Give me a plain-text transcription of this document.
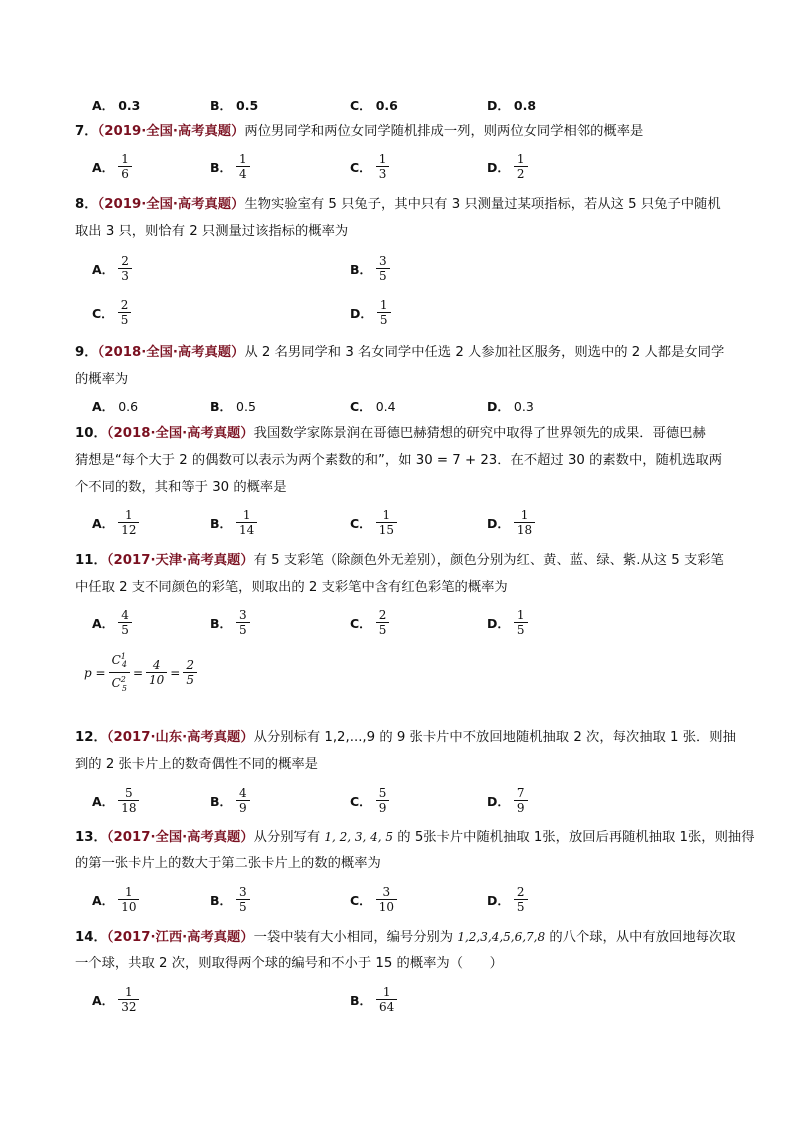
A． 0.3	B． 0.5	C． 0.6	D． 0.8
7．（2019·全国·高考真题）两位男同学和两位女同学随机排成一列，则两位女同学相邻的概率是
A． $\frac{1}{6}$	B． $\frac{1}{4}$	C． $\frac{1}{3}$	D． $\frac{1}{2}$
8．（2019·全国·高考真题）生物实验室有 5 只兔子，其中只有 3 只测量过某项指标，若从这 5 只兔子中随机
取出 3 只，则恰有 2 只测量过该指标的概率为
A． $\frac{2}{3}$	B． $\frac{3}{5}$
C． $\frac{2}{5}$	D． $\frac{1}{5}$
9．（2018·全国·高考真题）从 2 名男同学和 3 名女同学中任选 2 人参加社区服务，则选中的 2 人都是女同学
的概率为
A． 0.6	B． 0.5	C． 0.4	D． 0.3
10．（2018·全国·高考真题）我国数学家陈景润在哥德巴赫猜想的研究中取得了世界领先的成果．哥德巴赫
猜想是“每个大于 2 的偶数可以表示为两个素数的和”，如 30 = 7 + 23．在不超过 30 的素数中，随机选取两
个不同的数，其和等于 30 的概率是
A． $\frac{1}{12}$	B． $\frac{1}{14}$	C． $\frac{1}{15}$	D． $\frac{1}{18}$
11．（2017·天津·高考真题）有 5 支彩笔（除颜色外无差别），颜色分别为红、黄、蓝、绿、紫.从这 5 支彩笔
中任取 2 支不同颜色的彩笔，则取出的 2 支彩笔中含有红色彩笔的概率为
A． $\frac{4}{5}$	B． $\frac{3}{5}$	C． $\frac{2}{5}$	D． $\frac{1}{5}$
$p = \frac{C^1_4}{C^2_5} = \frac{4}{10} = \frac{2}{5}$
12．（2017·山东·高考真题）从分别标有 1,2,...,9 的 9 张卡片中不放回地随机抽取 2 次，每次抽取 1 张．则抽
到的 2 张卡片上的数奇偶性不同的概率是
A． $\frac{5}{18}$	B． $\frac{4}{9}$	C． $\frac{5}{9}$	D． $\frac{7}{9}$
13．（2017·全国·高考真题）从分别写有 1, 2, 3, 4, 5 的 5张卡片中随机抽取 1张，放回后再随机抽取 1张，则抽得
的第一张卡片上的数大于第二张卡片上的数的概率为
A． $\frac{1}{10}$	B． $\frac{3}{5}$	C． $\frac{3}{10}$	D． $\frac{2}{5}$
14．（2017·江西·高考真题）一袋中装有大小相同，编号分别为 1,2,3,4,5,6,7,8 的八个球，从中有放回地每次取
一个球，共取 2 次，则取得两个球的编号和不小于 15 的概率为（　　）
A． $\frac{1}{32}$	B． $\frac{1}{64}$
